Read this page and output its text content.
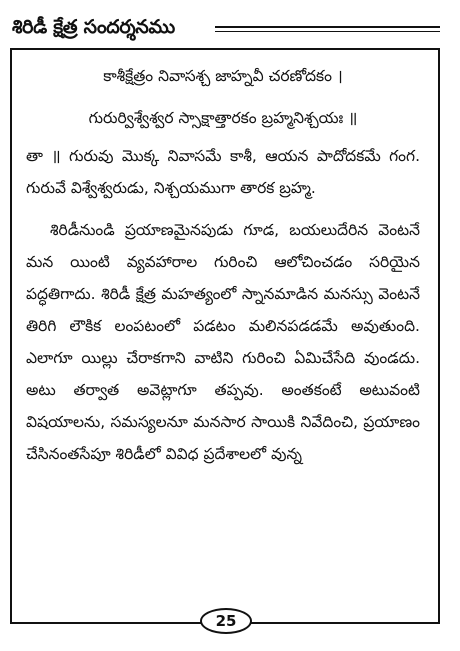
శిరిడీ క్షేత్ర సందర్శనము
కాశీక్షేత్రం నివాసశ్చ జాహ్నవీ చరణోదకం ।
గురుర్విశ్వేశ్వర స్సాక్షాత్తారకం బ్రహ్మనిశ్చయః ॥

తా ॥ గురువు మొక్క నివాసమే కాశీ, ఆయన పాదోదకమే గంగ. గురువే విశ్వేశ్వరుడు, నిశ్చయముగా తారక బ్రహ్మ.

శిరిడీనుండి ప్రయాణమైనపుడు గూడ, బయలుదేరిన వెంటనే మన యింటి వ్యవహారాల గురించి ఆలోచించడం సరియైన పద్ధతిగాదు. శిరిడీ క్షేత్ర మహత్యంలో స్నానమాడిన మనస్సు వెంటనే తిరిగి లౌకిక లంపటంలో పడటం మలినపడడమే అవుతుంది. ఎలాగూ యిల్లు చేరాకగాని వాటిని గురించి ఏమిచేసేది వుండదు. అటు తర్వాత అవెట్లాగూ తప్పవు. అంతకంటే అటువంటి విషయాలను, సమస్యలనూ మనసార సాయికి నివేదించి, ప్రయాణం చేసినంతసేపూ శిరిడీలో వివిధ ప్రదేశాలలో వున్న

25
